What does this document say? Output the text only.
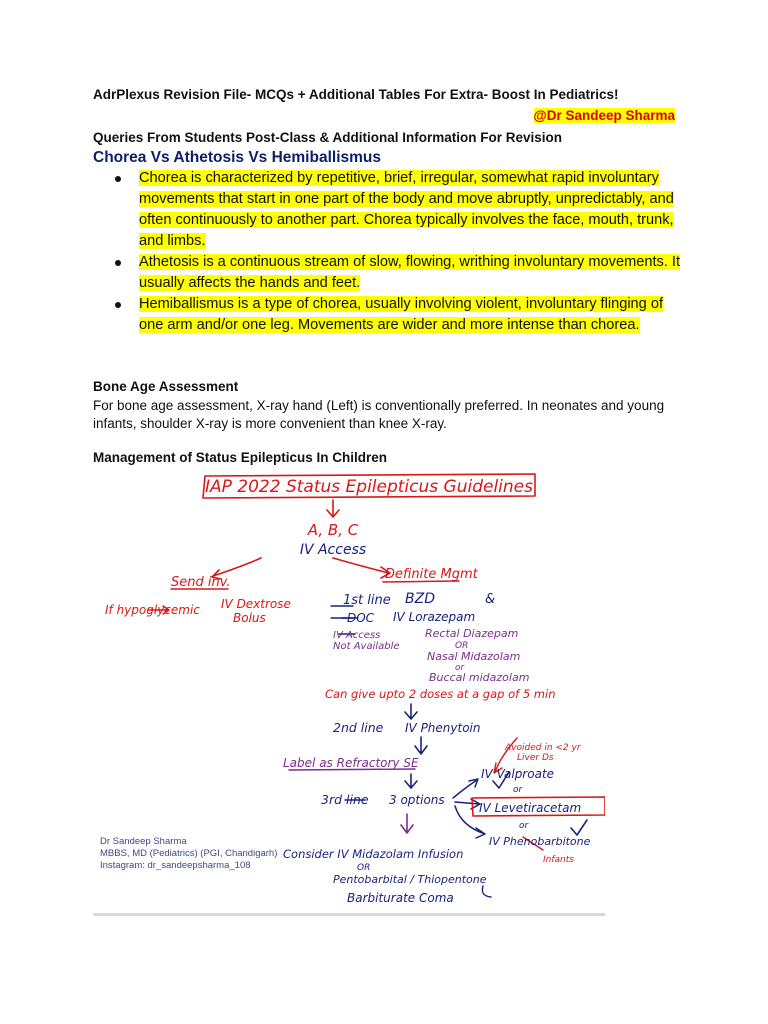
AdrPlexus Revision File- MCQs + Additional Tables For Extra- Boost In Pediatrics!
@Dr Sandeep Sharma
Queries From Students Post-Class & Additional Information For Revision
Chorea Vs Athetosis Vs Hemiballismus
Chorea is characterized by repetitive, brief, irregular, somewhat rapid involuntary movements that start in one part of the body and move abruptly, unpredictably, and often continuously to another part. Chorea typically involves the face, mouth, trunk, and limbs.
Athetosis is a continuous stream of slow, flowing, writhing involuntary movements. It usually affects the hands and feet.
Hemiballismus is a type of chorea, usually involving violent, involuntary flinging of one arm and/or one leg. Movements are wider and more intense than chorea.
Bone Age Assessment
For bone age assessment, X-ray hand (Left) is conventionally preferred. In neonates and young infants, shoulder X-ray is more convenient than knee X-ray.
Management of Status Epilepticus In Children
IAP 2022 Status Epilepticus Guidelines
A, B, C
IV Access
Send inv.
If hypoglycemic IV Dextrose
Bolus
Definite Mgmt
1st line BZD	&
DOC IV Lorazepam
IV Access
Not Available
Rectal Diazepam
OR
Nasal Midazolam
or
Buccal midazolam
Can give upto 2 doses at a gap of 5 min
2nd line IV Phenytoin
Label as Refractory SE
Avoided in <2 yr
Liver Ds
IV Valproate
or
3rd line 3 options
IV Levetiracetam
or
IV Phenobarbitone
Infants
Consider IV Midazolam Infusion
OR
Pentobarbital / Thiopentone
Barbiturate Coma
Dr Sandeep Sharma
MBBS, MD (Pediatrics) (PGI, Chandigarh)
Instagram: dr_sandeepsharma_108
